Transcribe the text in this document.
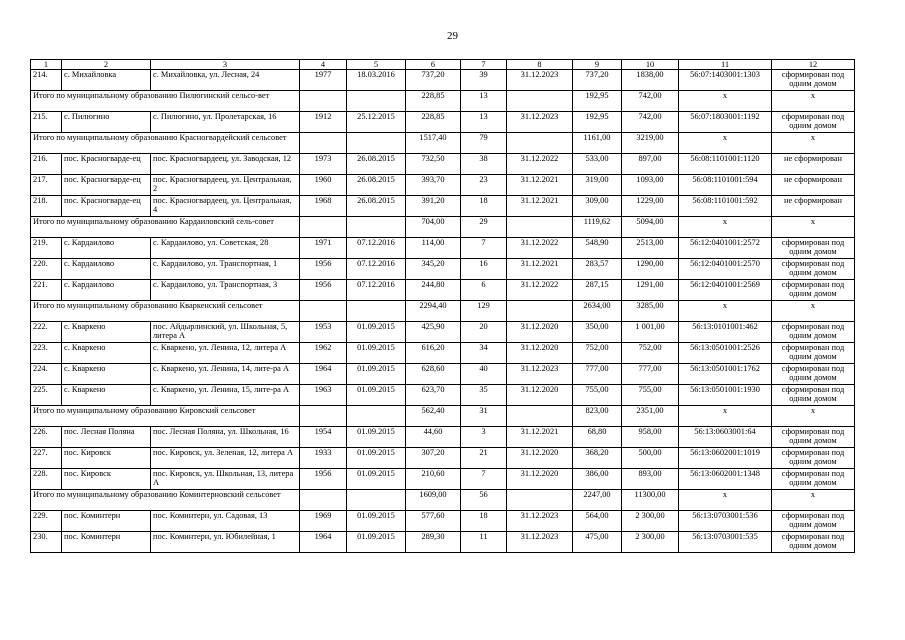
29
1	2	3	4	5	6	7	8	9	10	11	12
214.	с. Михайловка	с. Михайловка, ул. Лесная, 24	1977	18.03.2016	737,20	39	31.12.2023	737,20	1838,00	56:07:1403001:1303	сформирован под одним домом
Итого по муниципальному образованию Пилюгинский сельсо-вет					228,85	13		192,95	742,00	x	x
215.	с. Пилюгино	с. Пилюгино, ул. Пролетарская, 16	1912	25.12.2015	228,85	13	31.12.2023	192,95	742,00	56:07:1803001:1192	сформирован под одним домом
Итого по муниципальному образованию Красногвардейский сельсовет					1517,40	79		1161,00	3219,00	x	x
216.	пос. Красногварде-ец	пос. Красногвардеец, ул. Заводская, 12	1973	26.08.2015	732,50	38	31.12.2022	533,00	897,00	56:08:1101001:1120	не сформирован
217.	пос. Красногварде-ец	пос. Красногвардеец, ул. Центральная, 2	1960	26.08.2015	393,70	23	31.12.2021	319,00	1093,00	56:08:1101001:594	не сформирован
218.	пос. Красногварде-ец	пос. Красногвардеец, ул. Центральная, 4	1968	26.08.2015	391,20	18	31.12.2021	309,00	1229,00	56:08:1101001:592	не сформирован
Итого по муниципальному образованию Кардаиловский сель-совет					704,00	29		1119,62	5094,00	x	x
219.	с. Кардаилово	с. Кардаилово, ул. Советская, 28	1971	07.12.2016	114,00	7	31.12.2022	548,90	2513,00	56:12:0401001:2572	сформирован под одним домом
220.	с. Кардаилово	с. Кардаилово, ул. Транспортная, 1	1956	07.12.2016	345,20	16	31.12.2021	283,57	1290,00	56:12:0401001:2570	сформирован под одним домом
221.	с. Кардаилово	с. Кардаилово, ул. Транспортная, 3	1956	07.12.2016	244,80	6	31.12.2022	287,15	1291,00	56:12:0401001:2569	сформирован под одним домом
Итого по муниципальному образованию Кваркенский сельсовет					2294,40	129		2634,00	3285,00	x	x
222.	с. Кваркено	пос. Айдырлинский, ул. Школьная, 5, литера А	1953	01.09.2015	425,90	20	31.12.2020	350,00	1 001,00	56:13:0101001:462	сформирован под одним домом
223.	с. Кваркено	с. Кваркено, ул. Ленина, 12, литера А	1962	01.09.2015	616,20	34	31.12.2020	752,00	752,00	56:13:0501001:2526	сформирован под одним домом
224.	с. Кваркено	с. Кваркено, ул. Ленина, 14, лите-ра А	1964	01.09.2015	628,60	40	31.12.2023	777,00	777,00	56:13:0501001:1762	сформирован под одним домом
225.	с. Кваркено	с. Кваркено, ул. Ленина, 15, лите-ра А	1963	01.09.2015	623,70	35	31.12.2020	755,00	755,00	56:13:0501001:1930	сформирован под одним домом
Итого по муниципальному образованию Кировский сельсовет					562,40	31		823,00	2351,00	x	x
226.	пос. Лесная Поляна	пос. Лесная Поляна, ул. Школьная, 16	1954	01.09.2015	44,60	3	31.12.2021	68,80	958,00	56:13:0603001:64	сформирован под одним домом
227.	пос. Кировск	пос. Кировск, ул. Зеленая, 12, литера А	1933	01.09.2015	307,20	21	31.12.2020	368,20	500,00	56:13:0602001:1019	сформирован под одним домом
228.	пос. Кировск	пос. Кировск, ул. Школьная, 13, литера А	1956	01.09.2015	210,60	7	31.12.2020	386,00	893,00	56:13:0602001:1348	сформирован под одним домом
Итого по муниципальному образованию Коминтерновский сельсовет					1609,00	56		2247,00	11300,00	x	x
229.	пос. Коминтерн	пос. Коминтерн, ул. Садовая, 13	1969	01.09.2015	577,60	18	31.12.2023	564,00	2 300,00	56:13:0703001:536	сформирован под одним домом
230.	пос. Коминтерн	пос. Коминтерн, ул. Юбилейная, 1	1964	01.09.2015	289,30	11	31.12.2023	475,00	2 300,00	56:13:0703001:535	сформирован под одним домом
